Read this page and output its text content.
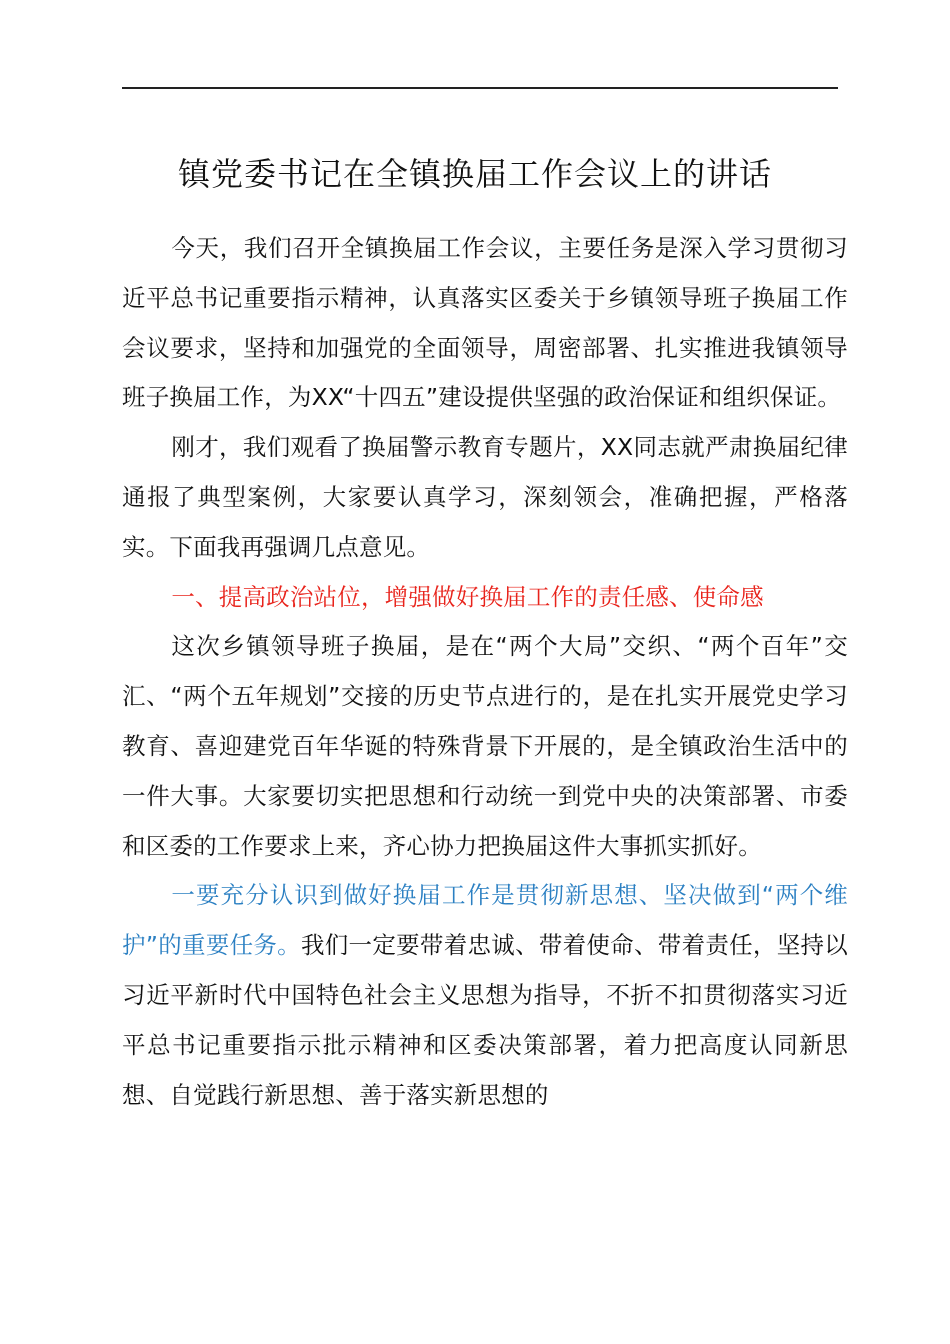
镇党委书记在全镇换届工作会议上的讲话

今天，我们召开全镇换届工作会议，主要任务是深入学习贯彻习近平总书记重要指示精神，认真落实区委关于乡镇领导班子换届工作会议要求，坚持和加强党的全面领导，周密部署、扎实推进我镇领导班子换届工作，为XX“十四五”建设提供坚强的政治保证和组织保证。

刚才，我们观看了换届警示教育专题片，XX同志就严肃换届纪律通报了典型案例，大家要认真学习，深刻领会，准确把握，严格落实。下面我再强调几点意见。

一、提高政治站位，增强做好换届工作的责任感、使命感

这次乡镇领导班子换届，是在“两个大局”交织、“两个百年”交汇、“两个五年规划”交接的历史节点进行的，是在扎实开展党史学习教育、喜迎建党百年华诞的特殊背景下开展的，是全镇政治生活中的一件大事。大家要切实把思想和行动统一到党中央的决策部署、市委和区委的工作要求上来，齐心协力把换届这件大事抓实抓好。

一要充分认识到做好换届工作是贯彻新思想、坚决做到“两个维护”的重要任务。我们一定要带着忠诚、带着使命、带着责任，坚持以习近平新时代中国特色社会主义思想为指导，不折不扣贯彻落实习近平总书记重要指示批示精神和区委决策部署，着力把高度认同新思想、自觉践行新思想、善于落实新思想的
